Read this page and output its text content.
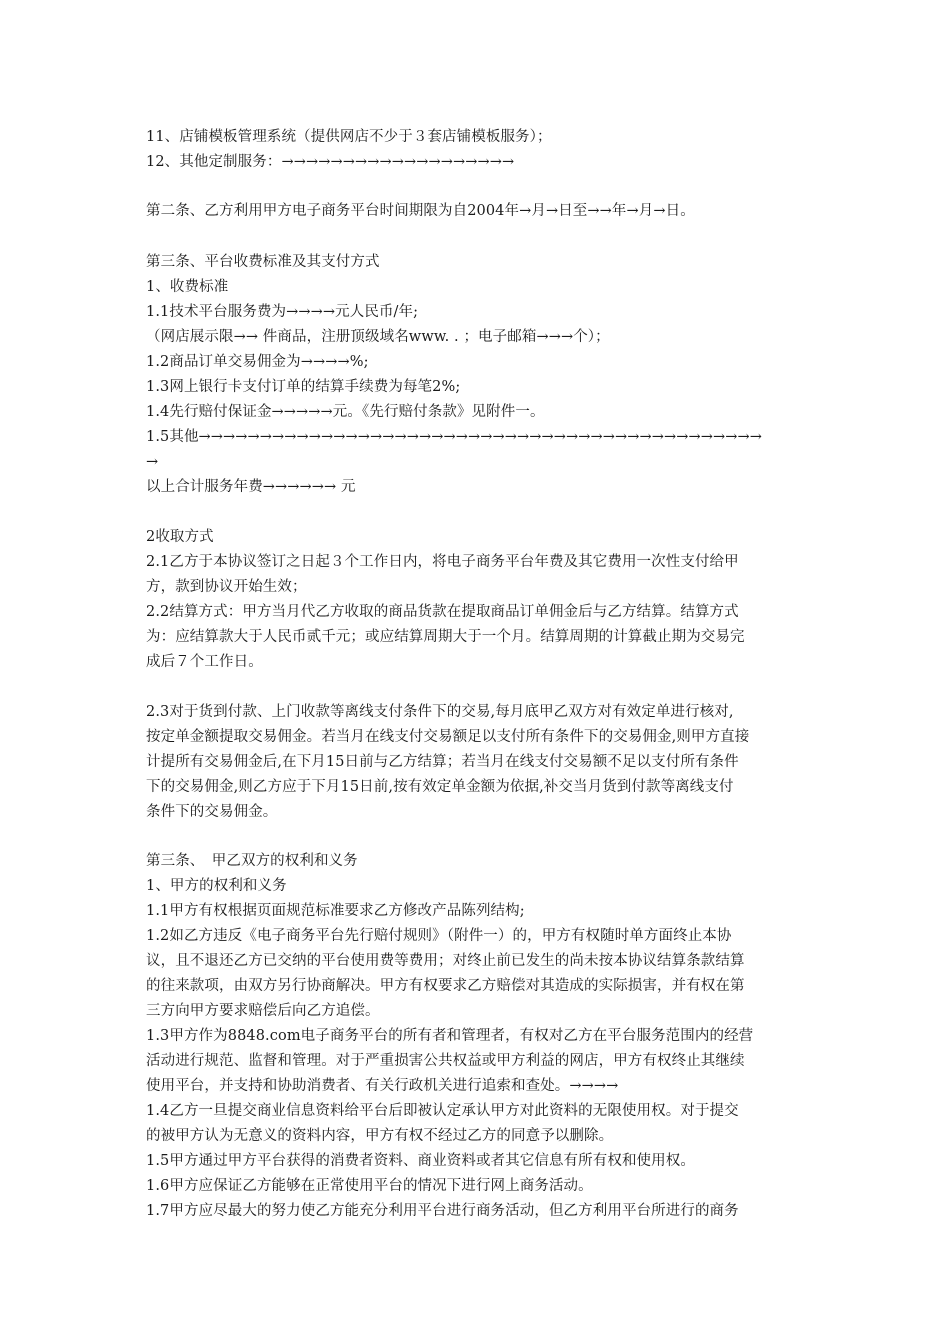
11、店铺模板管理系统（提供网店不少于３套店铺模板服务）；
12、其他定制服务：→→→→→→→→→→→→→→→→→→→
第二条、乙方利用甲方电子商务平台时间期限为自2004年→月→日至→→年→月→日。
第三条、平台收费标准及其支付方式
1、收费标准
1.1技术平台服务费为→→→→元人民币/年;
（网店展示限→→ 件商品，注册顶级域名www. . ；电子邮箱→→→个）；
1.2商品订单交易佣金为→→→→%;
1.3网上银行卡支付订单的结算手续费为每笔2%;
1.4先行赔付保证金→→→→→元。《先行赔付条款》见附件一。
1.5其他→→→→→→→→→→→→→→→→→→→→→→→→→→→→→→→→→→→→→→→→→→→→→→
→
以上合计服务年费→→→→→→ 元
2收取方式
2.1乙方于本协议签订之日起３个工作日内，将电子商务平台年费及其它费用一次性支付给甲
方，款到协议开始生效；
2.2结算方式：甲方当月代乙方收取的商品货款在提取商品订单佣金后与乙方结算。结算方式
为：应结算款大于人民币贰千元；或应结算周期大于一个月。结算周期的计算截止期为交易完
成后７个工作日。
2.3对于货到付款、上门收款等离线支付条件下的交易,每月底甲乙双方对有效定单进行核对,
按定单金额提取交易佣金。若当月在线支付交易额足以支付所有条件下的交易佣金,则甲方直接
计提所有交易佣金后,在下月15日前与乙方结算；若当月在线支付交易额不足以支付所有条件
下的交易佣金,则乙方应于下月15日前,按有效定单金额为依据,补交当月货到付款等离线支付
条件下的交易佣金。
第三条、　甲乙双方的权利和义务
1、甲方的权利和义务
1.1甲方有权根据页面规范标准要求乙方修改产品陈列结构;
1.2如乙方违反《电子商务平台先行赔付规则》（附件一）的，甲方有权随时单方面终止本协
议，且不退还乙方已交纳的平台使用费等费用；对终止前已发生的尚未按本协议结算条款结算
的往来款项，由双方另行协商解决。甲方有权要求乙方赔偿对其造成的实际损害，并有权在第
三方向甲方要求赔偿后向乙方追偿。
1.3甲方作为8848.com电子商务平台的所有者和管理者，有权对乙方在平台服务范围内的经营
活动进行规范、监督和管理。对于严重损害公共权益或甲方利益的网店，甲方有权终止其继续
使用平台，并支持和协助消费者、有关行政机关进行追索和查处。→→→→
1.4乙方一旦提交商业信息资料给平台后即被认定承认甲方对此资料的无限使用权。对于提交
的被甲方认为无意义的资料内容，甲方有权不经过乙方的同意予以删除。
1.5甲方通过甲方平台获得的消费者资料、商业资料或者其它信息有所有权和使用权。
1.6甲方应保证乙方能够在正常使用平台的情况下进行网上商务活动。
1.7甲方应尽最大的努力使乙方能充分利用平台进行商务活动，但乙方利用平台所进行的商务
